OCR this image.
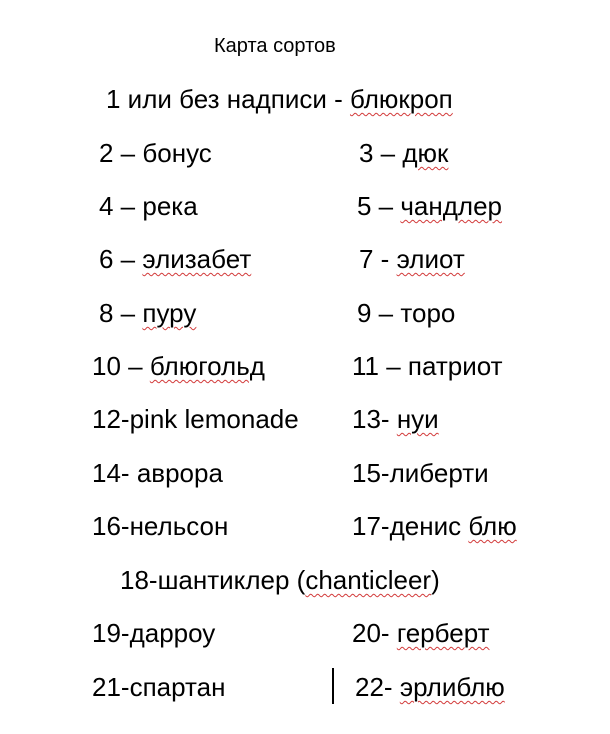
Карта сортов
1 или без надписи - блюкроп
2 – бонус	3 – дюк
4 – река	5 – чандлер
6 – элизабет	7 - элиот
8 – пуру	9 – торо
10 – блюгольд	11 – патриот
12-pink lemonade 13- нуи
14- аврора	15-либерти
16-нельсон	17-денис блю
18-шантиклер (chanticleer)
19-дарроу	20- герберт
21-спартан	22- эрлиблю
